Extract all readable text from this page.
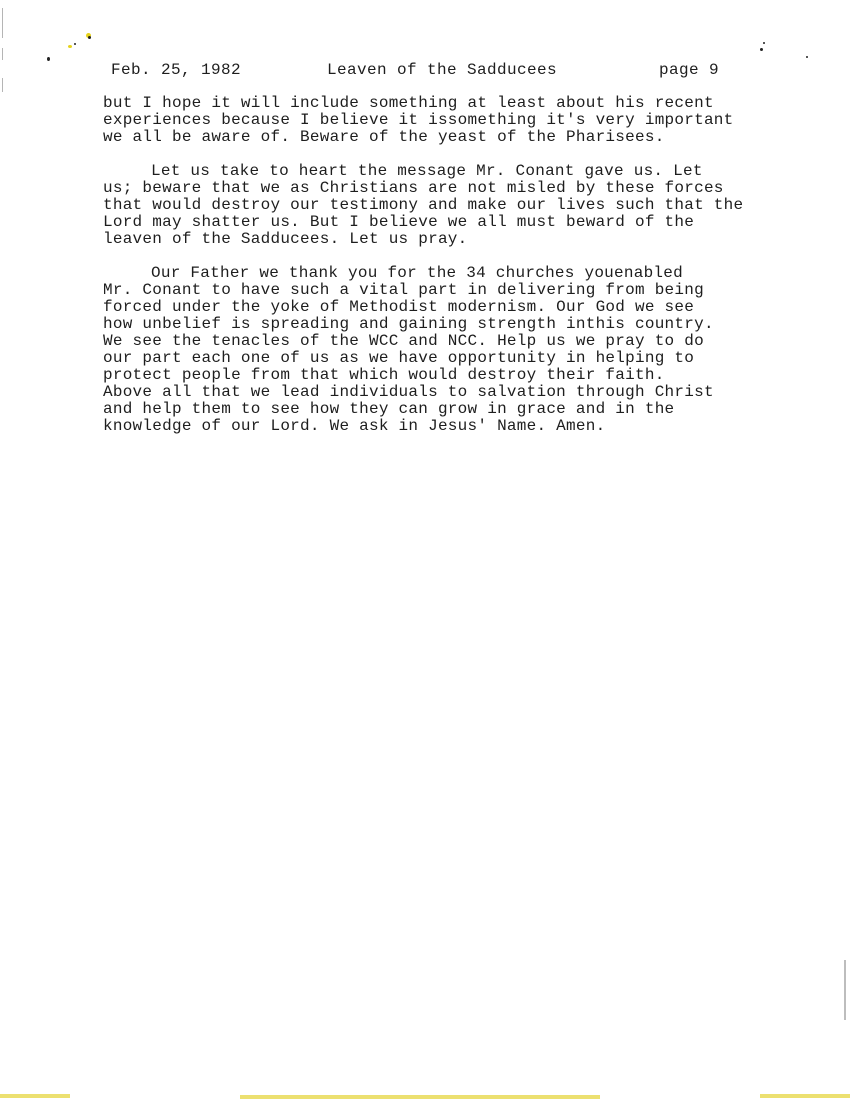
Feb. 25, 1982	Leaven of the Sadducees	page 9
but I hope it will include something at least about his recent
experiences because I believe it issomething it's very important
we all be aware of. Beware of the yeast of the Pharisees.
Let us take to heart the message Mr. Conant gave us. Let
us; beware that we as Christians are not misled by these forces
that would destroy our testimony and make our lives such that the
Lord may shatter us. But I believe we all must beward of the
leaven of the Sadducees. Let us pray.
Our Father we thank you for the 34 churches youenabled
Mr. Conant to have such a vital part in delivering from being
forced under the yoke of Methodist modernism. Our God we see
how unbelief is spreading and gaining strength inthis country.
We see the tenacles of the WCC and NCC. Help us we pray to do
our part each one of us as we have opportunity in helping to
protect people from that which would destroy their faith.
Above all that we lead individuals to salvation through Christ
and help them to see how they can grow in grace and in the
knowledge of our Lord. We ask in Jesus' Name. Amen.
